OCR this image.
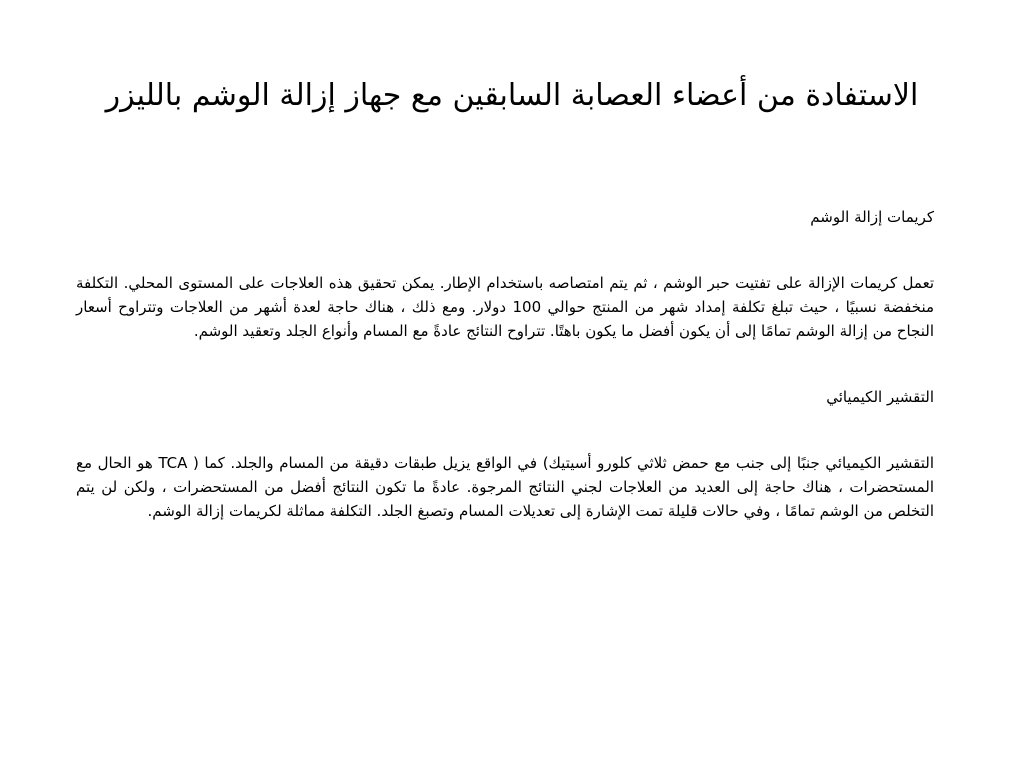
الاستفادة من أعضاء العصابة السابقين مع جهاز إزالة الوشم بالليزر

كريمات إزالة الوشم

تعمل كريمات الإزالة على تفتيت حبر الوشم ، ثم يتم امتصاصه باستخدام الإطار. يمكن تحقيق هذه العلاجات على المستوى المحلي. التكلفة منخفضة نسبيًا ، حيث تبلغ تكلفة إمداد شهر من المنتج حوالي 100 دولار. ومع ذلك ، هناك حاجة لعدة أشهر من العلاجات وتتراوح أسعار النجاح من إزالة الوشم تمامًا إلى أن يكون أفضل ما يكون باهتًا. تتراوح النتائج عادةً مع المسام وأنواع الجلد وتعقيد الوشم.

التقشير الكيميائي

التقشير الكيميائي جنبًا إلى جنب مع حمض ثلاثي كلورو أسيتيك) في الواقع يزيل طبقات دقيقة من المسام والجلد. كما ( TCA هو الحال مع المستحضرات ، هناك حاجة إلى العديد من العلاجات لجني النتائج المرجوة. عادةً ما تكون النتائج أفضل من المستحضرات ، ولكن لن يتم التخلص من الوشم تمامًا ، وفي حالات قليلة تمت الإشارة إلى تعديلات المسام وتصبغ الجلد. التكلفة مماثلة لكريمات إزالة الوشم.
